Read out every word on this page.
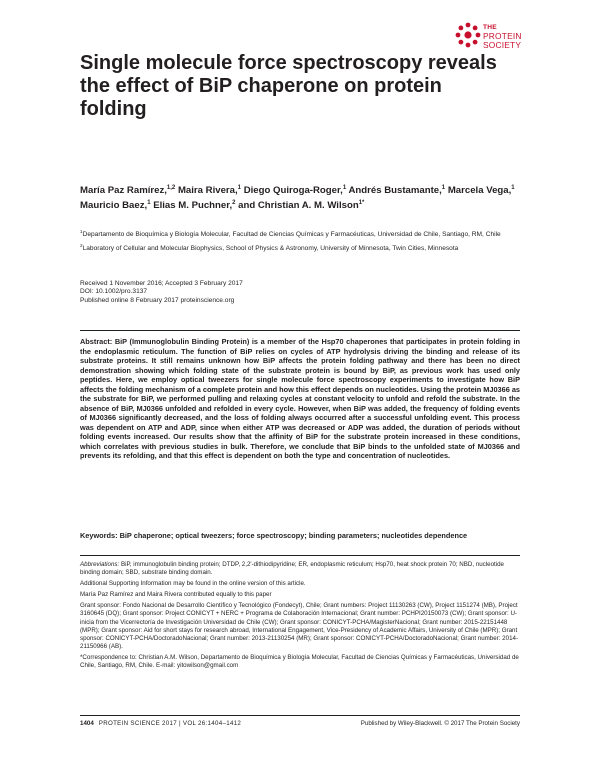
THE
PROTEIN
SOCIETY
Single molecule force spectroscopy reveals the effect of BiP chaperone on protein folding
María Paz Ramírez,$^{1,2}$ Maira Rivera,$^1$ Diego Quiroga-Roger,$^1$ Andrés Bustamante,$^1$ Marcela Vega,$^1$ Mauricio Baez,$^1$ Elias M. Puchner,$^2$ and Christian A. M. Wilson$^{1*}$

$^1$Departamento de Bioquímica y Biología Molecular, Facultad de Ciencias Químicas y Farmacéuticas, Universidad de Chile, Santiago, RM, Chile

$^2$Laboratory of Cellular and Molecular Biophysics, School of Physics & Astronomy, University of Minnesota, Twin Cities, Minnesota

Received 1 November 2016; Accepted 3 February 2017
DOI: 10.1002/pro.3137
Published online 8 February 2017 proteinscience.org

Abstract: BiP (Immunoglobulin Binding Protein) is a member of the Hsp70 chaperones that participates in protein folding in the endoplasmic reticulum. The function of BiP relies on cycles of ATP hydrolysis driving the binding and release of its substrate proteins. It still remains unknown how BiP affects the protein folding pathway and there has been no direct demonstration showing which folding state of the substrate protein is bound by BiP, as previous work has used only peptides. Here, we employ optical tweezers for single molecule force spectroscopy experiments to investigate how BiP affects the folding mechanism of a complete protein and how this effect depends on nucleotides. Using the protein MJ0366 as the substrate for BiP, we performed pulling and relaxing cycles at constant velocity to unfold and refold the substrate. In the absence of BiP, MJ0366 unfolded and refolded in every cycle. However, when BiP was added, the frequency of folding events of MJ0366 significantly decreased, and the loss of folding always occurred after a successful unfolding event. This process was dependent on ATP and ADP, since when either ATP was decreased or ADP was added, the duration of periods without folding events increased. Our results show that the affinity of BiP for the substrate protein increased in these conditions, which correlates with previous studies in bulk. Therefore, we conclude that BiP binds to the unfolded state of MJ0366 and prevents its refolding, and that this effect is dependent on both the type and concentration of nucleotides.

Keywords: BiP chaperone; optical tweezers; force spectroscopy; binding parameters; nucleotides dependence

Abbreviations: BiP, immunoglobulin binding protein; DTDP, 2,2′-dithiodipyridine; ER, endoplasmic reticulum; Hsp70, heat shock protein 70; NBD, nucleotide binding domain; SBD, substrate binding domain.

Additional Supporting Information may be found in the online version of this article.

María Paz Ramírez and Maira Rivera contributed equally to this paper

Grant sponsor: Fondo Nacional de Desarrollo Científico y Tecnológico (Fondecyt), Chile; Grant numbers: Project 11130263 (CW), Project 1151274 (MB), Project 3160645 (DQ); Grant sponsor: Project CONICYT + NERC + Programa de Colaboración Internacional; Grant number: PCHPI20150073 (CW); Grant sponsor: U-inicia from the Vicerrectoría de Investigación Universidad de Chile (CW); Grant sponsor: CONICYT-PCHA/MagisterNacional; Grant number: 2015-22151448 (MPR); Grant sponsor: Aid for short stays for research abroad, International Engagement, Vice-Presidency of Academic Affairs, University of Chile (MPR); Grant sponsor: CONICYT-PCHA/DoctoradoNacional; Grant number: 2013-21130254 (MR); Grant sponsor: CONICYT-PCHA/DoctoradoNacional; Grant number: 2014-21150966 (AB).

*Correspondence to: Christian A.M. Wilson, Departamento de Bioquímica y Biología Molecular, Facultad de Ciencias Químicas y Farmacéuticas, Universidad de Chile, Santiago, RM, Chile. E-mail: yitowilson@gmail.com

1404 PROTEIN SCIENCE 2017 | VOL 26:1404–1412	Published by Wiley-Blackwell. © 2017 The Protein Society
